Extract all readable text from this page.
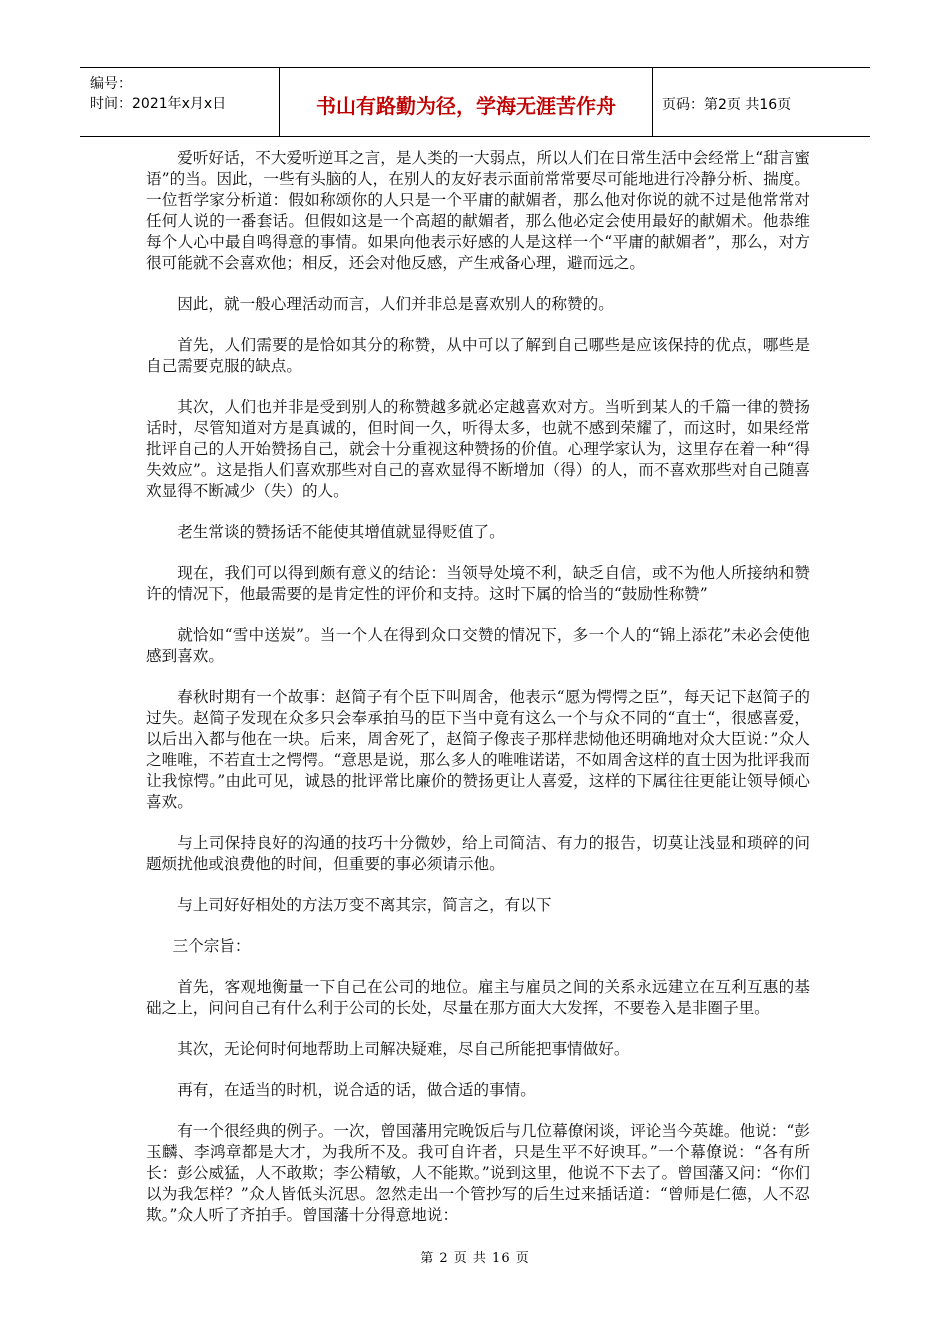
编号：
时间：2021年x月x日	书山有路勤为径，学海无涯苦作舟	页码：第2页 共16页

爱听好话，不大爱听逆耳之言，是人类的一大弱点，所以人们在日常生活中会经常上“甜言蜜语”的当。因此，一些有头脑的人，在别人的友好表示面前常常要尽可能地进行冷静分析、揣度。一位哲学家分析道：假如称颂你的人只是一个平庸的献媚者，那么他对你说的就不过是他常常对任何人说的一番套话。但假如这是一个高超的献媚者，那么他必定会使用最好的献媚术。他恭维每个人心中最自鸣得意的事情。如果向他表示好感的人是这样一个“平庸的献媚者”，那么，对方很可能就不会喜欢他；相反，还会对他反感，产生戒备心理，避而远之。

因此，就一般心理活动而言，人们并非总是喜欢别人的称赞的。

首先，人们需要的是恰如其分的称赞，从中可以了解到自己哪些是应该保持的优点，哪些是自己需要克服的缺点。

其次，人们也并非是受到别人的称赞越多就必定越喜欢对方。当听到某人的千篇一律的赞扬话时，尽管知道对方是真诚的，但时间一久，听得太多，也就不感到荣耀了，而这时，如果经常批评自己的人开始赞扬自己，就会十分重视这种赞扬的价值。心理学家认为，这里存在着一种“得失效应”。这是指人们喜欢那些对自己的喜欢显得不断增加（得）的人，而不喜欢那些对自己随喜欢显得不断减少（失）的人。

老生常谈的赞扬话不能使其增值就显得贬值了。

现在，我们可以得到颇有意义的结论：当领导处境不利，缺乏自信，或不为他人所接纳和赞许的情况下，他最需要的是肯定性的评价和支持。这时下属的恰当的“鼓励性称赞”

就恰如“雪中送炭”。当一个人在得到众口交赞的情况下，多一个人的“锦上添花”未必会使他感到喜欢。

春秋时期有一个故事：赵简子有个臣下叫周舍，他表示“愿为愕愕之臣”，每天记下赵简子的过失。赵简子发现在众多只会奉承拍马的臣下当中竟有这么一个与众不同的“直士“，很感喜爱，以后出入都与他在一块。后来，周舍死了，赵简子像丧子那样悲恸他还明确地对众大臣说：”众人之唯唯，不若直士之愕愕。“意思是说，那么多人的唯唯诺诺，不如周舍这样的直士因为批评我而让我惊愕。”由此可见，诚恳的批评常比廉价的赞扬更让人喜爱，这样的下属往往更能让领导倾心喜欢。

与上司保持良好的沟通的技巧十分微妙，给上司简洁、有力的报告，切莫让浅显和琐碎的问题烦扰他或浪费他的时间，但重要的事必须请示他。

与上司好好相处的方法万变不离其宗，简言之，有以下

三个宗旨：

首先，客观地衡量一下自己在公司的地位。雇主与雇员之间的关系永远建立在互利互惠的基础之上，问问自己有什么利于公司的长处，尽量在那方面大大发挥，不要卷入是非圈子里。

其次，无论何时何地帮助上司解决疑难，尽自己所能把事情做好。

再有，在适当的时机，说合适的话，做合适的事情。

有一个很经典的例子。一次，曾国藩用完晚饭后与几位幕僚闲谈，评论当今英雄。他说：“彭玉麟、李鸿章都是大才，为我所不及。我可自许者，只是生平不好谀耳。”一个幕僚说：“各有所长：彭公威猛，人不敢欺；李公精敏，人不能欺。”说到这里，他说不下去了。曾国藩又问：“你们以为我怎样？”众人皆低头沉思。忽然走出一个管抄写的后生过来插话道：“曾师是仁德，人不忍欺。”众人听了齐拍手。曾国藩十分得意地说：

第 2 页 共 16 页
